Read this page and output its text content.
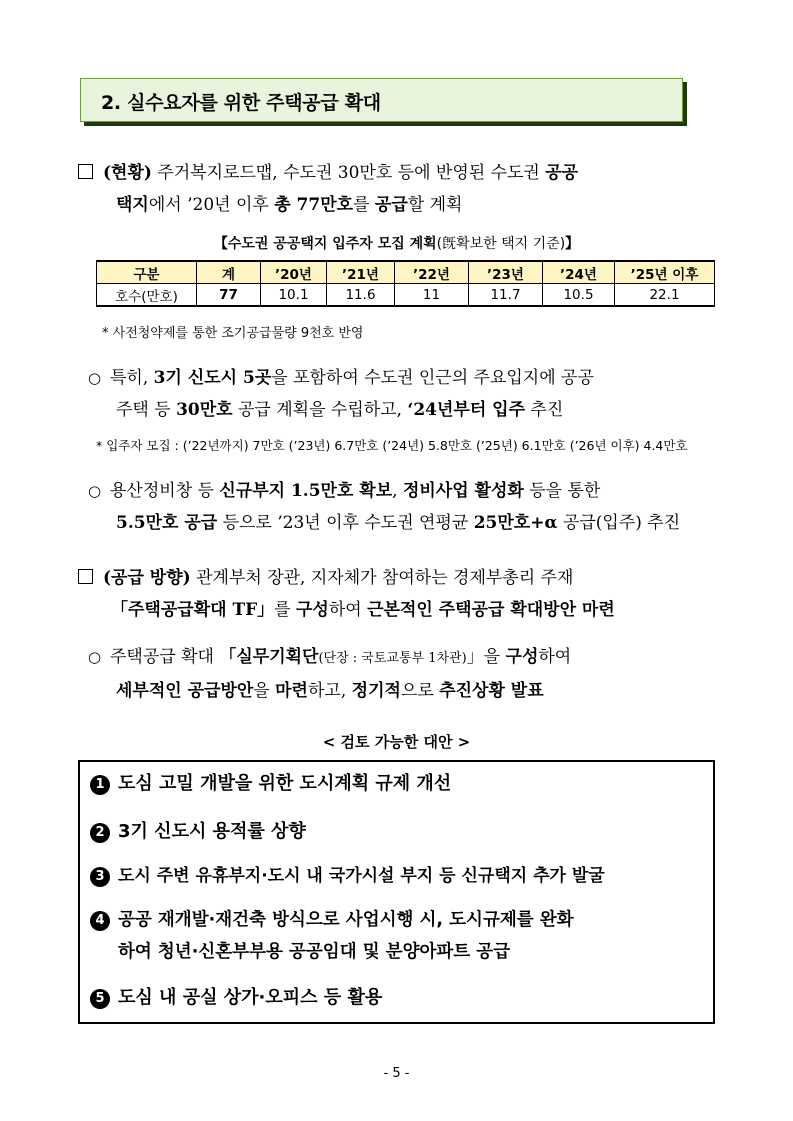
2. 실수요자를 위한 주택공급 확대
(현황) 주거복지로드맵, 수도권 30만호 등에 반영된 수도권 공공
택지에서 ’20년 이후 총 77만호를 공급할 계획
【수도권 공공택지 입주자 모집 계획(旣확보한 택지 기준)】
구분	계	’20년	’21년	’22년	’23년	’24년	’25년 이후
호수(만호)	77	10.1	11.6	11	11.7	10.5	22.1
* 사전청약제를 통한 조기공급물량 9천호 반영
○ 특히, 3기 신도시 5곳을 포함하여 수도권 인근의 주요입지에 공공
주택 등 30만호 공급 계획을 수립하고, ‘24년부터 입주 추진
* 입주자 모집 : (’22년까지) 7만호 (’23년) 6.7만호 (’24년) 5.8만호 (’25년) 6.1만호 (’26년 이후) 4.4만호
○ 용산정비창 등 신규부지 1.5만호 확보, 정비사업 활성화 등을 통한
5.5만호 공급 등으로 ’23년 이후 수도권 연평균 25만호+α 공급(입주) 추진
(공급 방향) 관계부처 장관, 지자체가 참여하는 경제부총리 주재
「주택공급확대 TF」를 구성하여 근본적인 주택공급 확대방안 마련
○ 주택공급 확대 「실무기획단(단장 : 국토교통부 1차관)」을 구성하여
세부적인 공급방안을 마련하고, 정기적으로 추진상황 발표
< 검토 가능한 대안 >
1 도심 고밀 개발을 위한 도시계획 규제 개선
2 3기 신도시 용적률 상향
3 도시 주변 유휴부지·도시 내 국가시설 부지 등 신규택지 추가 발굴
4 공공 재개발·재건축 방식으로 사업시행 시, 도시규제를 완화
하여 청년·신혼부부용 공공임대 및 분양아파트 공급
5 도심 내 공실 상가·오피스 등 활용
- 5 -
